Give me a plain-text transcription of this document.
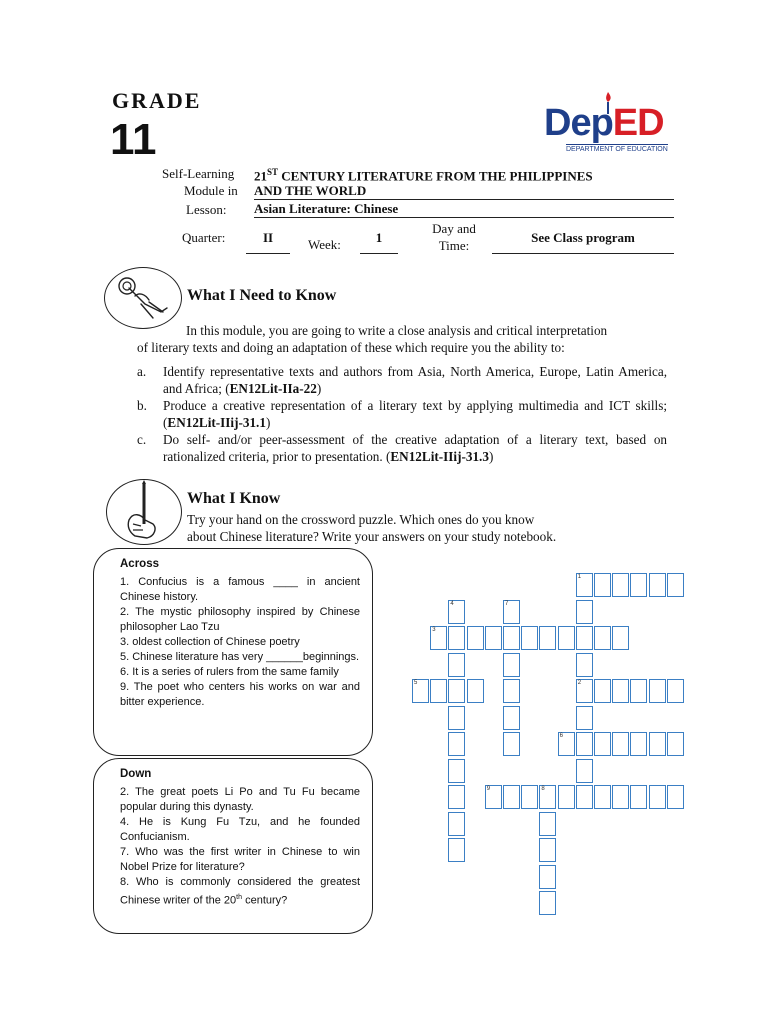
GRADE
11	DepED
DEPARTMENT OF EDUCATION
Self-Learning
Module in
21ST CENTURY LITERATURE FROM THE PHILIPPINES
AND THE WORLD
Lesson: Asian Literature: Chinese
Quarter:	II	Week:	1
Day and
Time:
See Class program
What I Need to Know
In this module, you are going to write a close analysis and critical interpretation
of literary texts and doing an adaptation of these which require you the ability to:
a.	Identify representative texts and authors from Asia, North America, Europe, Latin America, and Africa; (EN12Lit-IIa-22)
b.	Produce a creative representation of a literary text by applying multimedia and ICT skills; (EN12Lit-IIij-31.1)
c.	Do self- and/or peer-assessment of the creative adaptation of a literary text, based on rationalized criteria, prior to presentation. (EN12Lit-IIij-31.3)
What I Know
Try your hand on the crossword puzzle. Which ones do you know
about Chinese literature? Write your answers on your study notebook.
Across
1. Confucius is a famous ____ in ancient Chinese history.
2. The mystic philosophy inspired by Chinese philosopher Lao Tzu
3. oldest collection of Chinese poetry
5. Chinese literature has very ______beginnings.
6. It is a series of rulers from the same family
9. The poet who centers his works on war and bitter experience.
Down
2. The great poets Li Po and Tu Fu became popular during this dynasty.
4. He is Kung Fu Tzu, and he founded Confucianism.
7. Who was the first writer in Chinese to win Nobel Prize for literature?
8. Who is commonly considered the greatest Chinese writer of the 20th century?
1
4	7
3
5	2
6
9	8
